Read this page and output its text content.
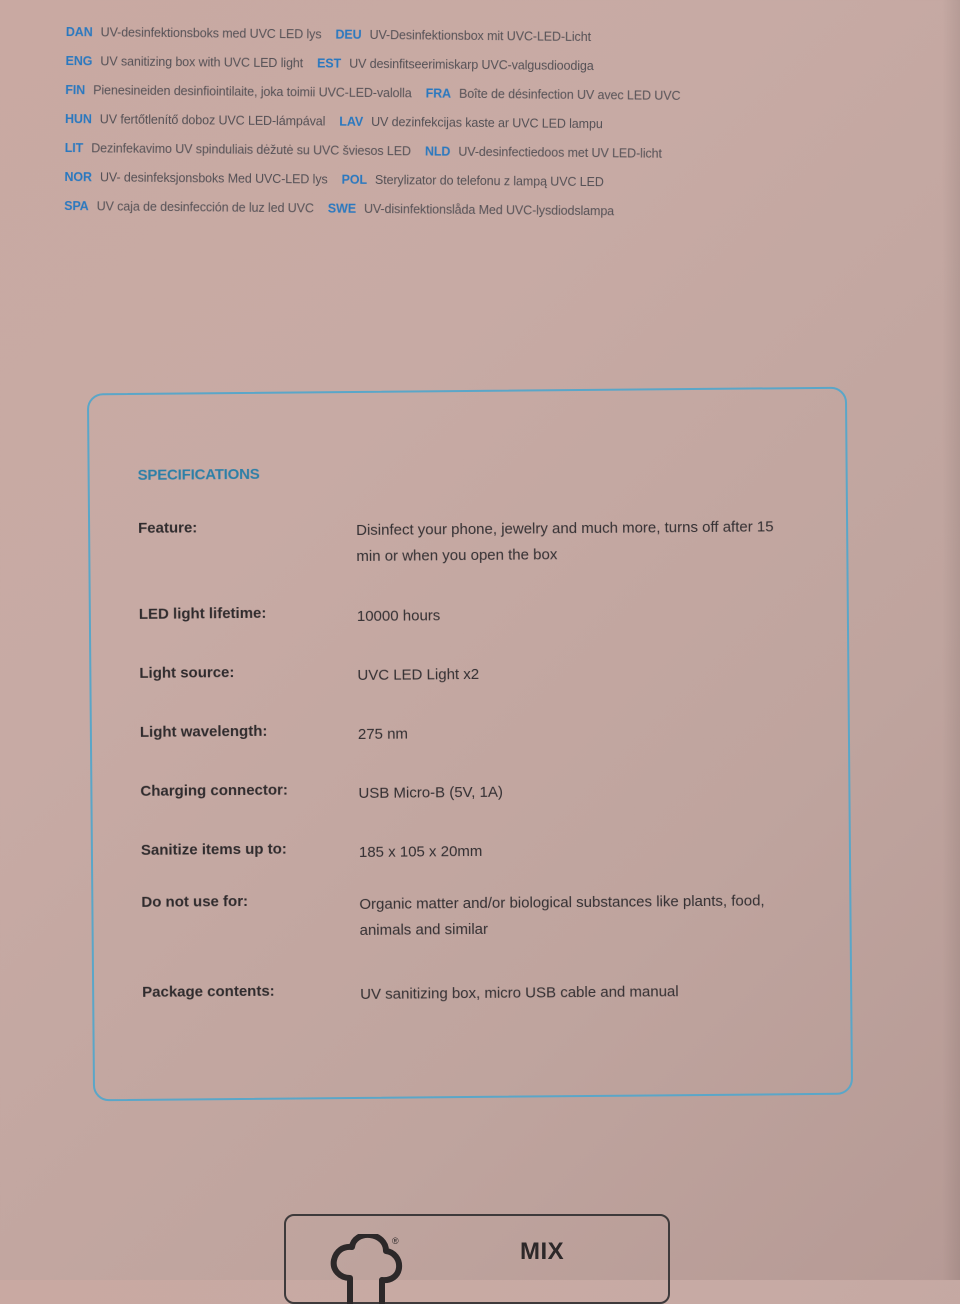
DAN UV-desinfektionsboks med UVC LED lys DEU UV-Desinfektionsbox mit UVC-LED-Licht
ENG UV sanitizing box with UVC LED light EST UV desinfitseerimiskarp UVC-valgusdioodiga
FIN Pienesineiden desinfiointilaite, joka toimii UVC-LED-valolla FRA Boîte de désinfection UV avec LED UVC
HUN UV fertőtlenítő doboz UVC LED-lámpával LAV UV dezinfekcijas kaste ar UVC LED lampu
LIT Dezinfekavimo UV spinduliais dėžutė su UVC šviesos LED NLD UV-desinfectiedoos met UV LED-licht
NOR UV- desinfeksjonsboks Med UVC-LED lys POL Sterylizator do telefonu z lampą UVC LED
SPA UV caja de desinfección de luz led UVC SWE UV-disinfektionslåda Med UVC-lysdiodslampa
SPECIFICATIONS
Feature:	Disinfect your phone, jewelry and much more, turns off after 15 min or when you open the box
LED light lifetime:	10000 hours
Light source:	UVC LED Light x2
Light wavelength:	275 nm
Charging connector:	USB Micro-B (5V, 1A)
Sanitize items up to:	185 x 105 x 20mm
Do not use for:	Organic matter and/or biological substances like plants, food, animals and similar
Package contents:	UV sanitizing box, micro USB cable and manual
®	MIX
